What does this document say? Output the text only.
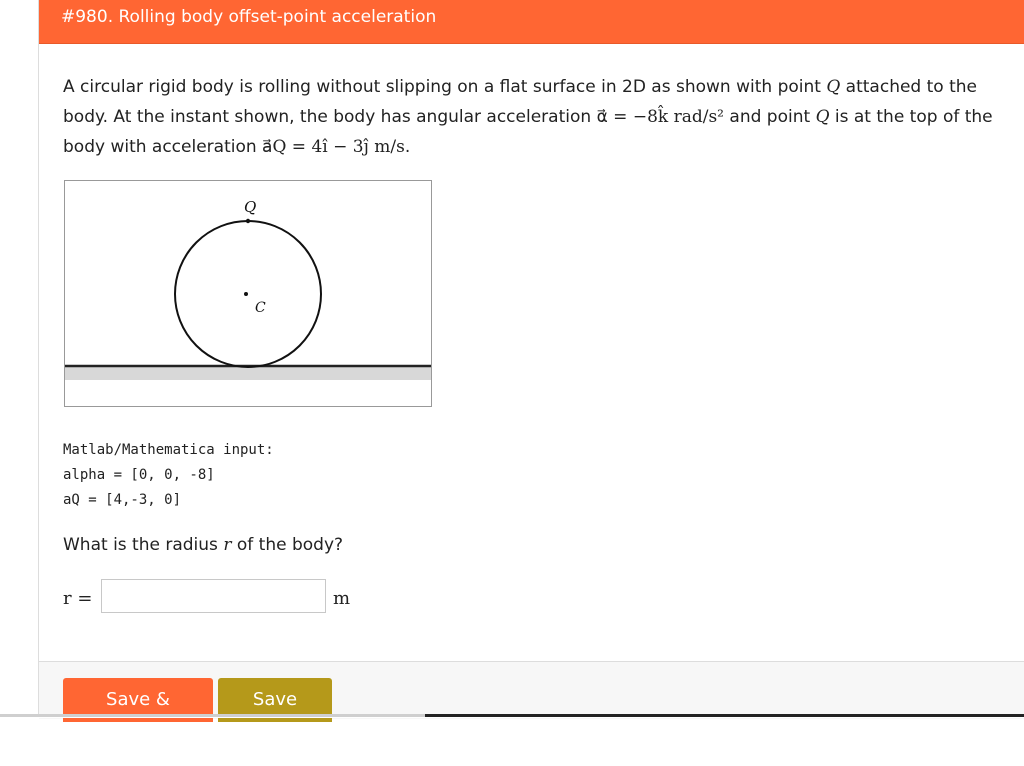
#980. Rolling body offset-point acceleration

A circular rigid body is rolling without slipping on a flat surface in 2D as shown with point Q attached to the body. At the instant shown, the body has angular acceleration α⃗ = −8k̂ rad/s² and point Q is at the top of the body with acceleration a⃗Q = 4î − 3ĵ m/s.

Q
C
Matlab/Mathematica input:
alpha = [0, 0, -8]
aQ = [4,-3, 0]
What is the radius r of the body?
r =	m
Save & Grade
Save only
